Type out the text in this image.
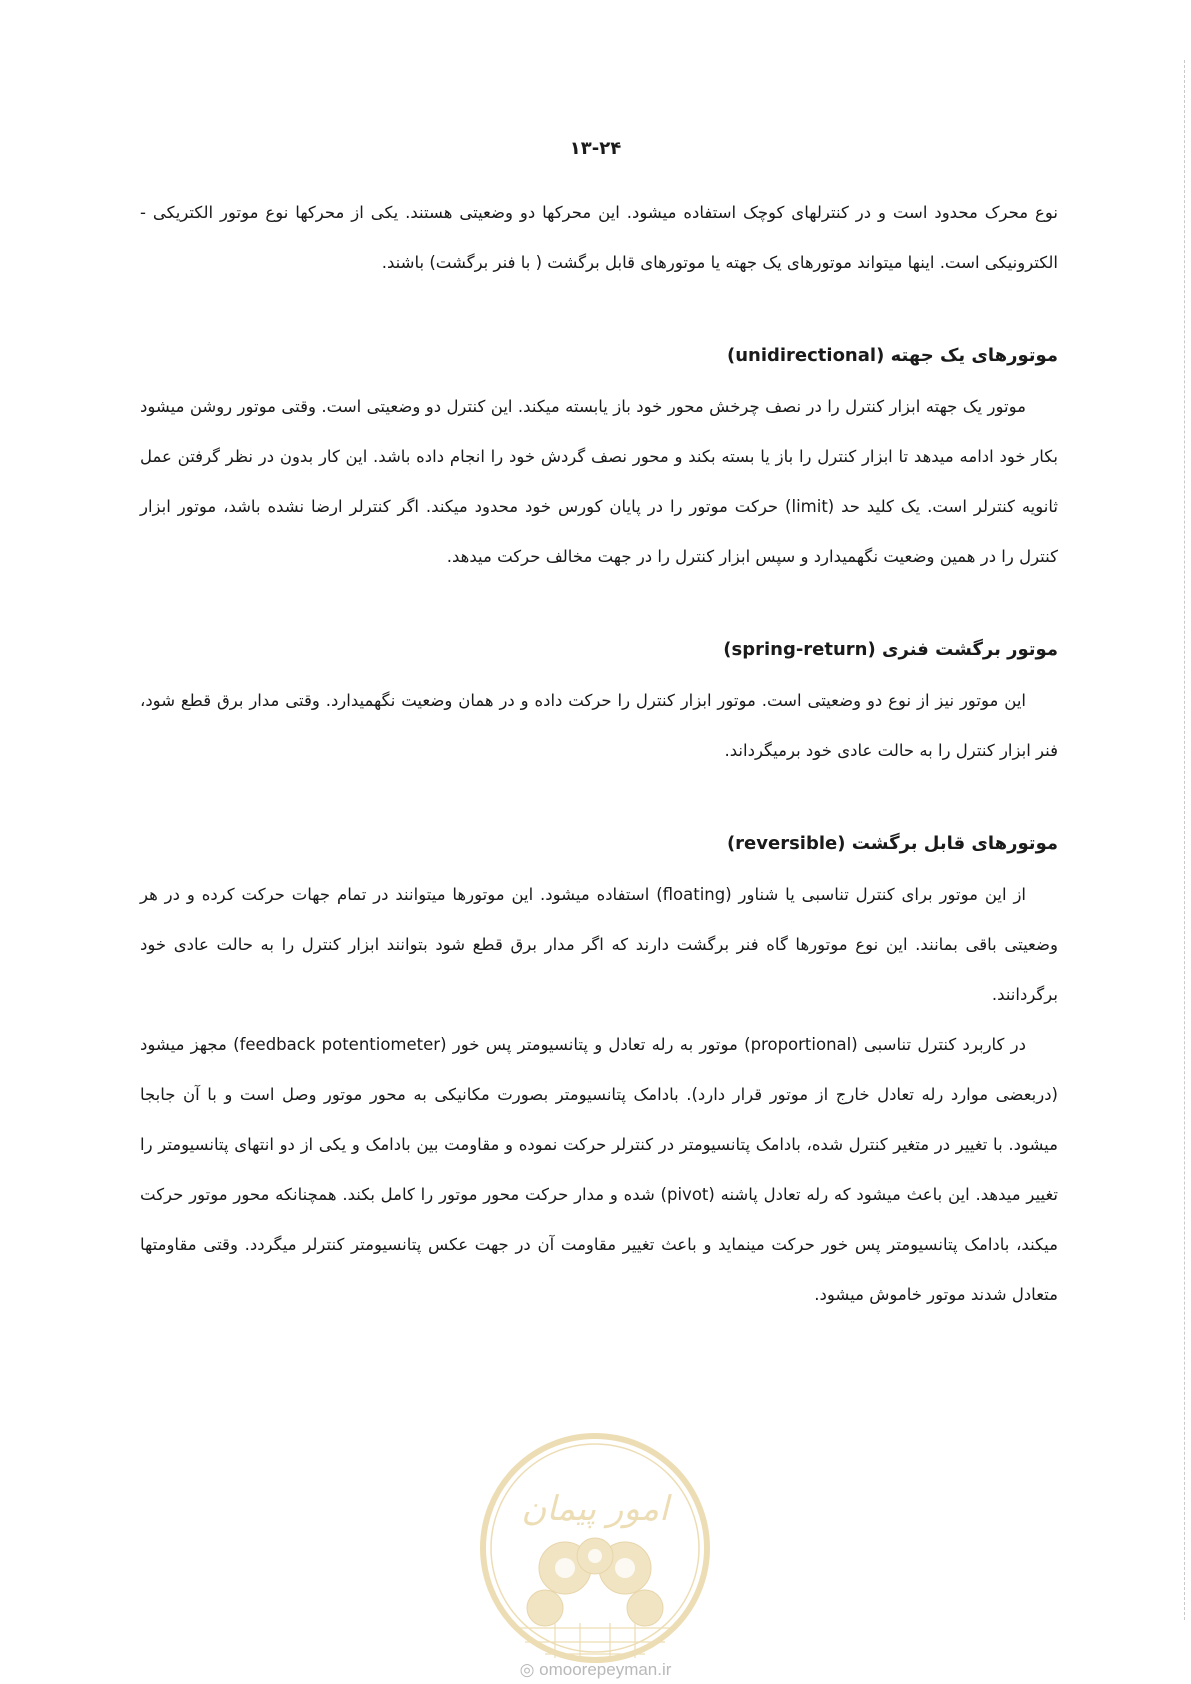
۱۳-۲۴

نوع محرک محدود است و در کنترلهای کوچک استفاده میشود. این محرکها دو وضعیتی هستند. یکی از محرکها نوع موتور الکتریکی - الکترونیکی است. اینها میتواند موتورهای یک جهته یا موتورهای قابل برگشت ( با فنر برگشت) باشند.

موتورهای یک جهته (unidirectional)

موتور یک جهته ابزار کنترل را در نصف چرخش محور خود باز یابسته میکند. این کنترل دو وضعیتی است. وقتی موتور روشن میشود بکار خود ادامه میدهد تا ابزار کنترل را باز یا بسته بکند و محور نصف گردش خود را انجام داده باشد. این کار بدون در نظر گرفتن عمل ثانویه کنترلر است. یک کلید حد (limit) حرکت موتور را در پایان کورس خود محدود میکند. اگر کنترلر ارضا نشده باشد، موتور ابزار کنترل را در همین وضعیت نگهمیدارد و سپس ابزار کنترل را در جهت مخالف حرکت میدهد.

موتور برگشت فنری (spring-return)

این موتور نیز از نوع دو وضعیتی است. موتور ابزار کنترل را حرکت داده و در همان وضعیت نگهمیدارد. وقتی مدار برق قطع شود، فنر ابزار کنترل را به حالت عادی خود برمیگرداند.

موتورهای قابل برگشت (reversible)

از این موتور برای کنترل تناسبی یا شناور (floating) استفاده میشود. این موتورها میتوانند در تمام جهات حرکت کرده و در هر وضعیتی باقی بمانند. این نوع موتورها گاه فنر برگشت دارند که اگر مدار برق قطع شود بتوانند ابزار کنترل را به حالت عادی خود برگردانند.

در کاربرد کنترل تناسبی (proportional) موتور به رله تعادل و پتانسیومتر پس خور (feedback potentiometer) مجهز میشود (دربعضی موارد رله تعادل خارج از موتور قرار دارد). بادامک پتانسیومتر بصورت مکانیکی به محور موتور وصل است و با آن جابجا میشود. با تغییر در متغیر کنترل شده، بادامک پتانسیومتر در کنترلر حرکت نموده و مقاومت بین بادامک و یکی از دو انتهای پتانسیومتر را تغییر میدهد. این باعث میشود که رله تعادل پاشنه (pivot) شده و مدار حرکت محور موتور را کامل بکند. همچنانکه محور موتور حرکت میکند، بادامک پتانسیومتر پس خور حرکت مینماید و باعث تغییر مقاومت آن در جهت عکس پتانسیومتر کنترلر میگردد. وقتی مقاومتها متعادل شدند موتور خاموش میشود.

امور پیمان
◎ omoorepeyman.ir
